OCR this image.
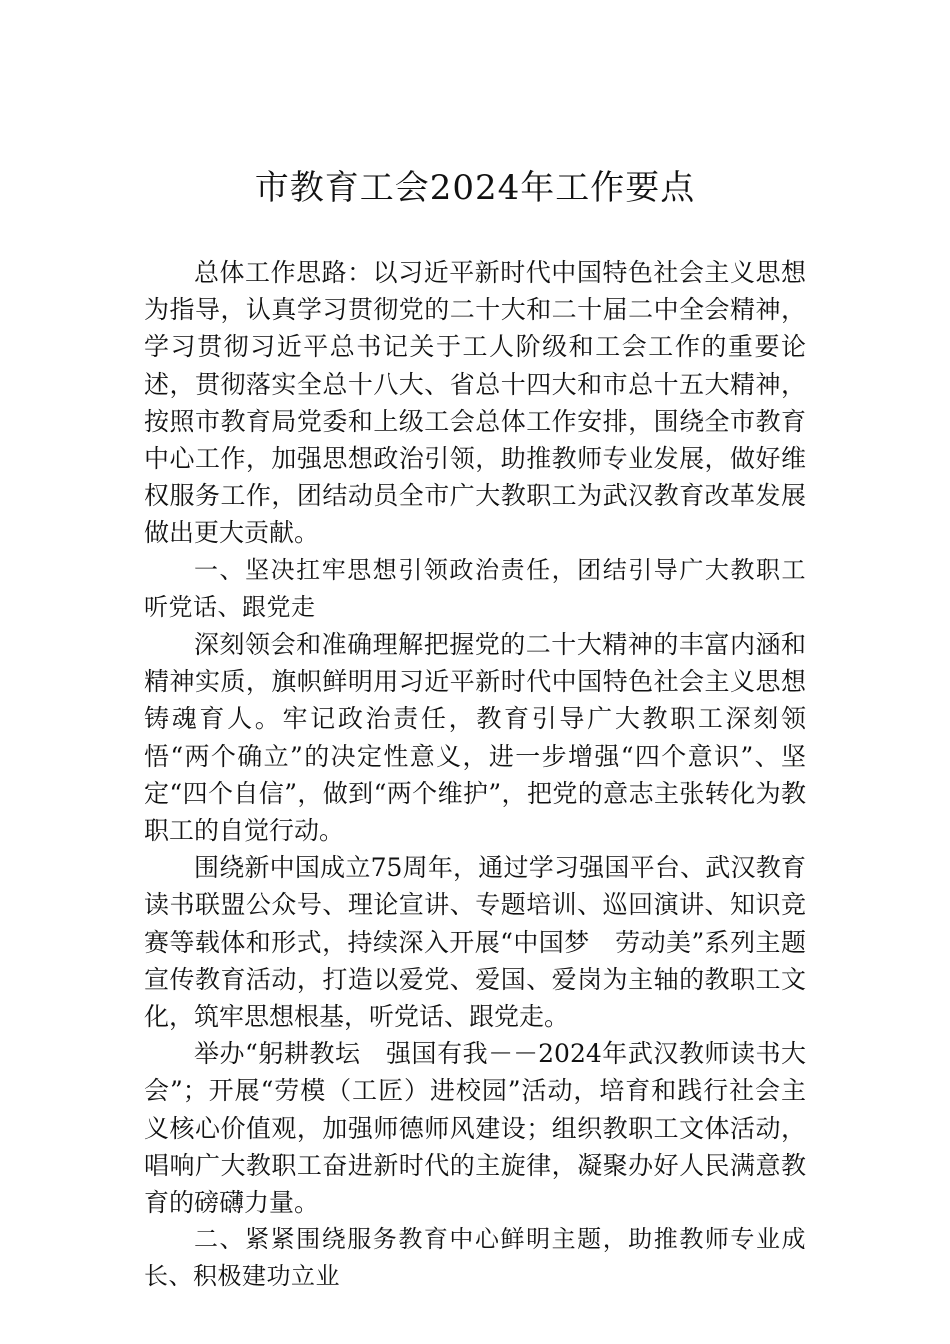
市教育工会2024年工作要点

总体工作思路：以习近平新时代中国特色社会主义思想为指导，认真学习贯彻党的二十大和二十届二中全会精神，学习贯彻习近平总书记关于工人阶级和工会工作的重要论述，贯彻落实全总十八大、省总十四大和市总十五大精神，按照市教育局党委和上级工会总体工作安排，围绕全市教育中心工作，加强思想政治引领，助推教师专业发展，做好维权服务工作，团结动员全市广大教职工为武汉教育改革发展做出更大贡献。

一、坚决扛牢思想引领政治责任，团结引导广大教职工听党话、跟党走

深刻领会和准确理解把握党的二十大精神的丰富内涵和精神实质，旗帜鲜明用习近平新时代中国特色社会主义思想铸魂育人。牢记政治责任，教育引导广大教职工深刻领悟“两个确立”的决定性意义，进一步增强“四个意识”、坚定“四个自信”，做到“两个维护”，把党的意志主张转化为教职工的自觉行动。

围绕新中国成立75周年，通过学习强国平台、武汉教育读书联盟公众号、理论宣讲、专题培训、巡回演讲、知识竞赛等载体和形式，持续深入开展“中国梦　劳动美”系列主题宣传教育活动，打造以爱党、爱国、爱岗为主轴的教职工文化，筑牢思想根基，听党话、跟党走。

举办“躬耕教坛　强国有我－－2024年武汉教师读书大会”；开展“劳模（工匠）进校园”活动，培育和践行社会主义核心价值观，加强师德师风建设；组织教职工文体活动，唱响广大教职工奋进新时代的主旋律，凝聚办好人民满意教育的磅礴力量。

二、紧紧围绕服务教育中心鲜明主题，助推教师专业成长、积极建功立业
